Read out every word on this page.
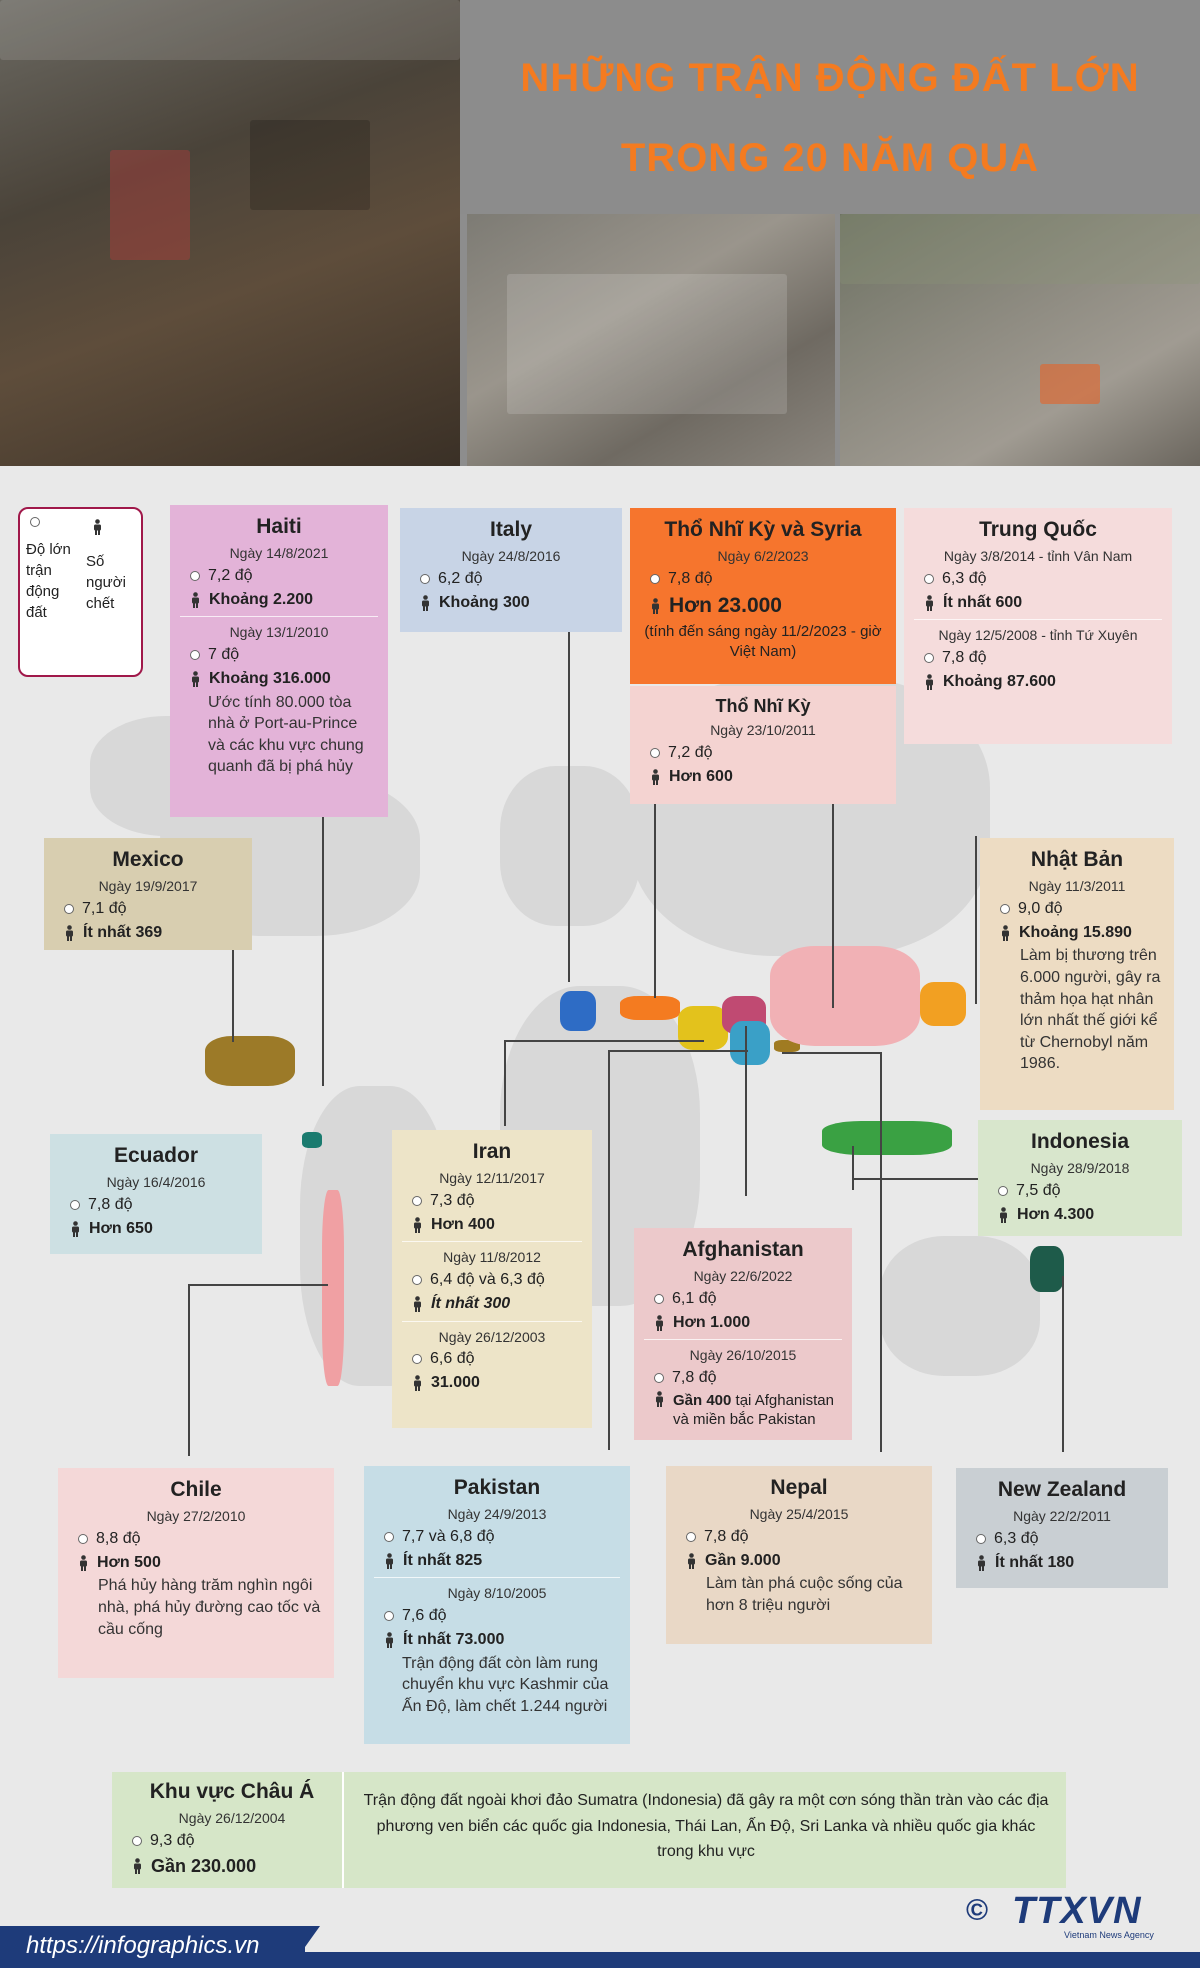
NHỮNG TRẬN ĐỘNG ĐẤT LỚN
TRONG 20 NĂM QUA
Độ lớn trận động đất
Số người chết
Haiti
Ngày 14/8/2021
7,2 độ
Khoảng 2.200
Ngày 13/1/2010
7 độ
Khoảng 316.000
Ước tính 80.000 tòa nhà ở Port-au-Prince và các khu vực chung quanh đã bị phá hủy
Italy
Ngày 24/8/2016
6,2 độ
Khoảng 300
Thổ Nhĩ Kỳ và Syria
Ngày 6/2/2023
7,8 độ
Hơn 23.000
(tính đến sáng ngày 11/2/2023 - giờ Việt Nam)
Thổ Nhĩ Kỳ
Ngày 23/10/2011
7,2 độ
Hơn 600
Trung Quốc
Ngày 3/8/2014 - tỉnh Vân Nam
6,3 độ
Ít nhất 600
Ngày 12/5/2008 - tỉnh Tứ Xuyên
7,8 độ
Khoảng 87.600
Mexico
Ngày 19/9/2017
7,1 độ
Ít nhất 369
Nhật Bản
Ngày 11/3/2011
9,0 độ
Khoảng 15.890
Làm bị thương trên 6.000 người, gây ra thảm họa hạt nhân lớn nhất thế giới kể từ Chernobyl năm 1986.
Ecuador
Ngày 16/4/2016
7,8 độ
Hơn 650
Iran
Ngày 12/11/2017
7,3 độ
Hơn 400
Ngày 11/8/2012
6,4 độ và 6,3 độ
Ít nhất 300
Ngày 26/12/2003
6,6 độ
31.000
Indonesia
Ngày 28/9/2018
7,5 độ
Hơn 4.300
Afghanistan
Ngày 22/6/2022
6,1 độ
Hơn 1.000
Ngày 26/10/2015
7,8 độ
Gần 400 tại Afghanistan và miền bắc Pakistan
Chile
Ngày 27/2/2010
8,8 độ
Hơn 500
Phá hủy hàng trăm nghìn ngôi nhà, phá hủy đường cao tốc và cầu cống
Pakistan
Ngày 24/9/2013
7,7 và 6,8 độ
Ít nhất 825
Ngày 8/10/2005
7,6 độ
Ít nhất 73.000
Trận động đất còn làm rung chuyển khu vực Kashmir của Ấn Độ, làm chết 1.244 người
Nepal
Ngày 25/4/2015
7,8 độ
Gần 9.000
Làm tàn phá cuộc sống của hơn 8 triệu người
New Zealand
Ngày 22/2/2011
6,3 độ
Ít nhất 180
Khu vực Châu Á
Ngày 26/12/2004
9,3 độ
Gần 230.000
Trận động đất ngoài khơi đảo Sumatra (Indonesia) đã gây ra một cơn sóng thần tràn vào các địa phương ven biển các quốc gia Indonesia, Thái Lan, Ấn Độ, Sri Lanka và nhiều quốc gia khác trong khu vực
© TTXVN
Vietnam News Agency
https://infographics.vn
